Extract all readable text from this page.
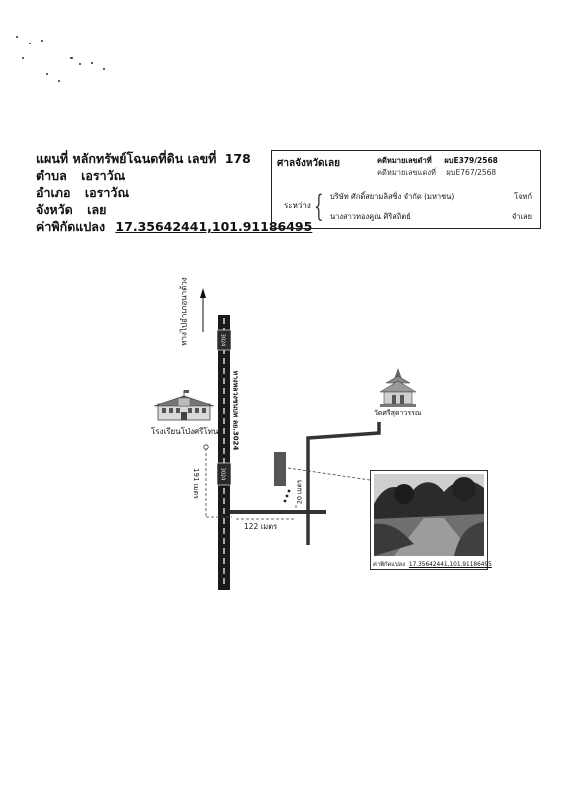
แผนที่ หลักทรัพย์โฉนดที่ดิน เลขที่ 178
ตำบล เอราวัณ
อำเภอ เอราวัณ
จังหวัด เลย
ค่าพิกัดแปลง 17.35642441,101.91186495
ศาลจังหวัดเลย	คดีหมายเลขดำที่ ผบE379/2568
คดีหมายเลขแดงที่ ผบE767/2568
ระหว่าง { บริษัท ศักดิ์สยามลิสซิ่ง จำกัด (มหาชน)	โจทก์
นางสาวทองคูณ ศิริสถิตย์	จำเลย
ทางไปอำเภอนาด้วง
ทางหลวงชนบท ลย.3024
3024
3024
โรงเรียนโป่งศรีโทน
วัดศรีสุดาวรรณ
191 เมตร
122 เมตร
20 เมตร
ค่าพิกัดแปลง 17.35642441,101.91186495
